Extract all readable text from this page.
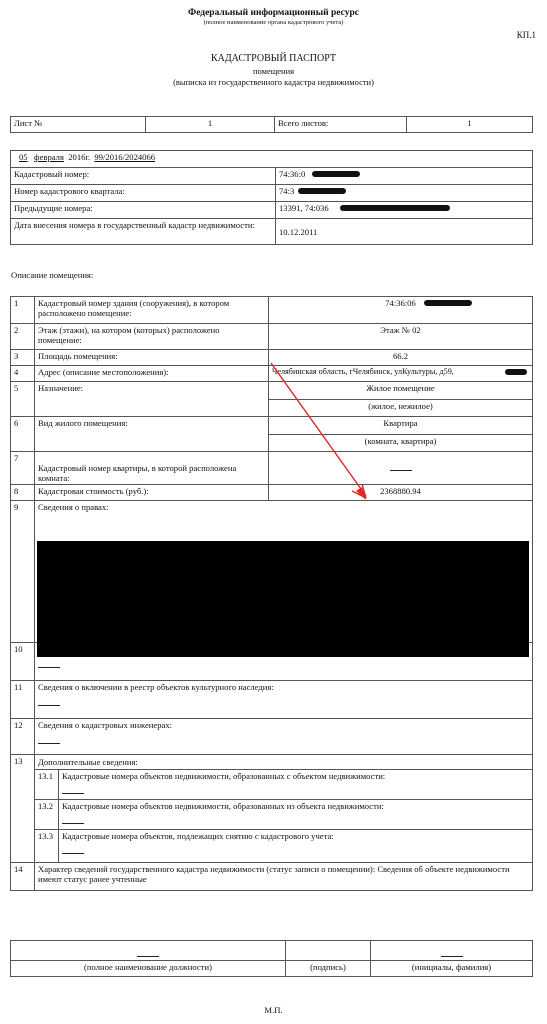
Федеральный информационный ресурс
(полное наименование органа кадастрового учета)
КП.1
КАДАСТРОВЫЙ ПАСПОРТ
помещения
(выписка из государственного кадастра недвижимости)
Лист №	1	Всего листов:	1
05 февраля 2016г. 99/2016/2024066	
Кадастровый номер:	74:36:0

Номер кадастрового квартала:	74:3

Предыдущие номера:	13391, 74:036

Дата внесения номера в государственный кадастр недвижимости:	10.12.2011
Описание помещения:
1	Кадастровый номер здания (сооружения), в котором расположено помещение:	74:36:06

2	Этаж (этажи), на котором (которых) расположено помещение:	Этаж № 02
3	Площадь помещения:	66.2
4	Адрес (описание местоположения):	Челябинская область, гЧелябинск, улКультуры, д59,

5	Назначение:	Жилое помещение
(жилое, нежилое)
6	Вид жилого помещения:	Квартира
(комната, квартира)
7	Кадастровый номер квартиры, в которой расположена комната:	
8	Кадастровая стоимость (руб.):	2368880.94
9	Сведения о правах:
10	

11	Сведения о включении в реестр объектов культурного наследия:

12	Сведения о кадастровых инженерах:

13	Дополнительные сведения:
13.1	Кадастровые номера объектов недвижимости, образованных с объектом недвижимости:

13.2	Кадастровые номера объектов недвижимости, образованных из объекта недвижимости:

13.3	Кадастровые номера объектов, подлежащих снятию с кадастрового учета:

14	Характер сведений государственного кадастра недвижимости (статус записи о помещении): Сведения об объекте недвижимости имеют статус ранее учтенные

(полное наименование должности)	(подпись)	(инициалы, фамилия)
М.П.
